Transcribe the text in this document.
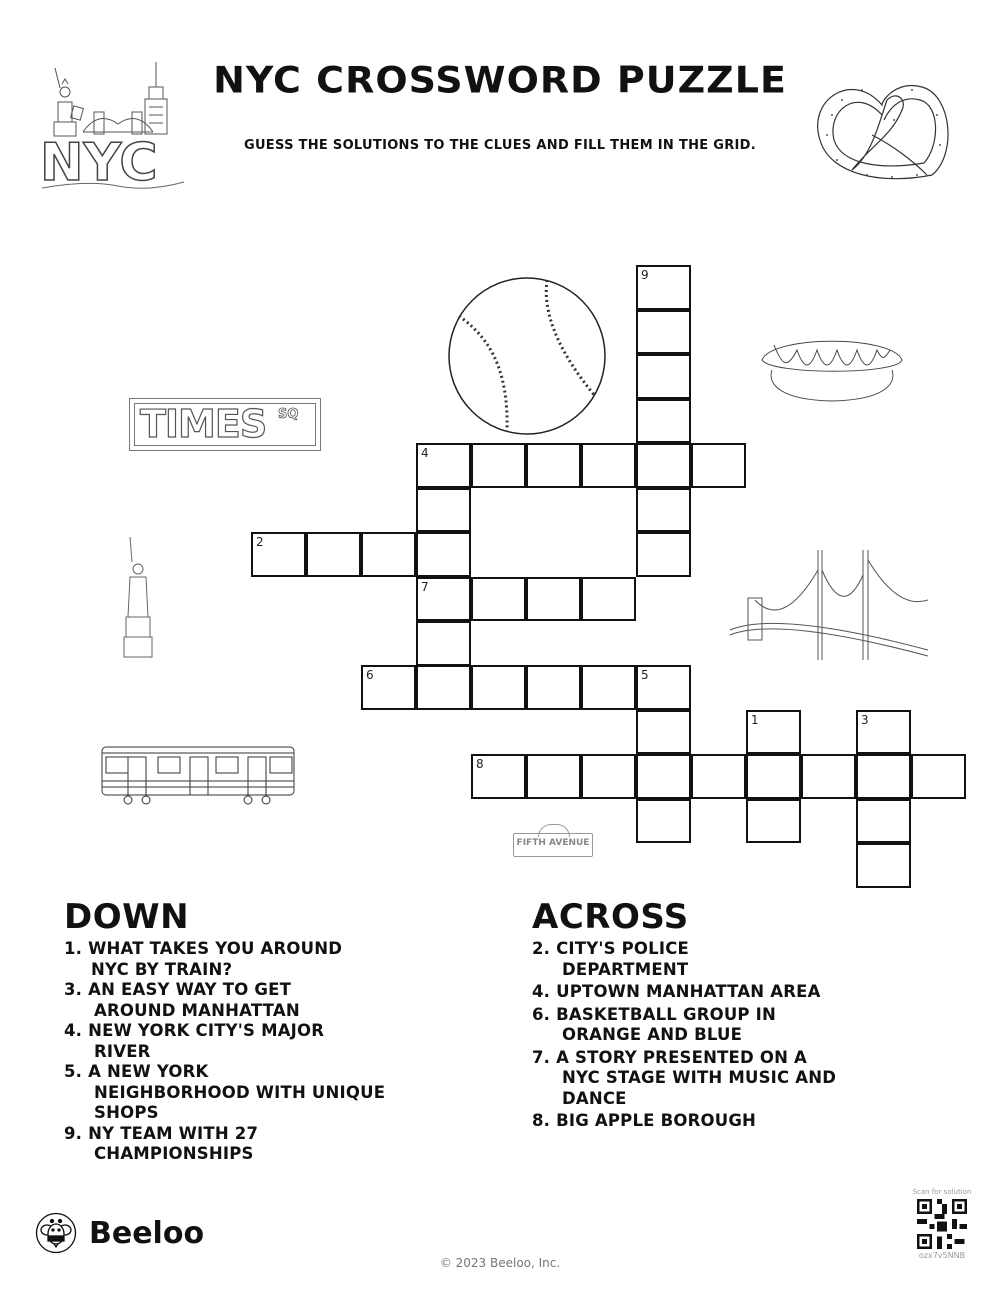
NYC CROSSWORD PUZZLE
GUESS THE SOLUTIONS TO THE CLUES AND FILL THEM IN THE GRID.
NYC
TIMES SQ
FIFTH AVENUE
9
4
2
7
6	5
1	3
8
DOWN
1. WHAT TAKES YOU AROUND
NYC BY TRAIN?
3. AN EASY WAY TO GET
AROUND MANHATTAN
4. NEW YORK CITY'S MAJOR
RIVER
5. A NEW YORK
NEIGHBORHOOD WITH UNIQUE
SHOPS
9. NY TEAM WITH 27
CHAMPIONSHIPS
ACROSS
2. CITY'S POLICE
DEPARTMENT
4. UPTOWN MANHATTAN AREA
6. BASKETBALL GROUP IN
ORANGE AND BLUE
7. A STORY PRESENTED ON A
NYC STAGE WITH MUSIC AND
DANCE
8. BIG APPLE BOROUGH
Beeloo
© 2023 Beeloo, Inc.
Scan for solution
ozx7v5NNB
